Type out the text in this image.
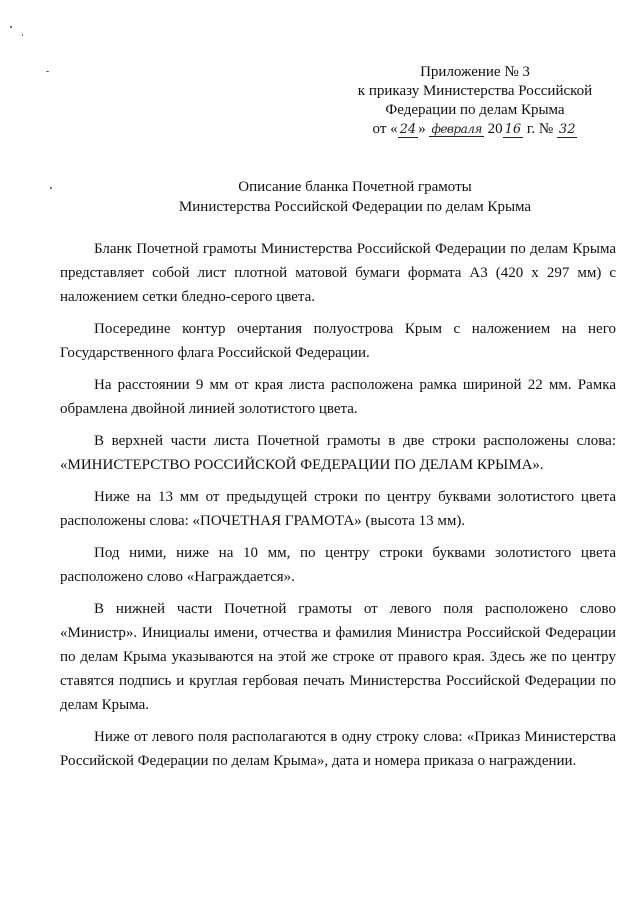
Приложение № 3
к приказу Министерства Российской
Федерации по делам Крыма
от « 24 » февраля 20 16 г. № 32
Описание бланка Почетной грамоты
Министерства Российской Федерации по делам Крыма

Бланк Почетной грамоты Министерства Российской Федерации по делам Крыма представляет собой лист плотной матовой бумаги формата А3 (420 х 297 мм) с наложением сетки бледно-серого цвета.

Посередине контур очертания полуострова Крым с наложением на него Государственного флага Российской Федерации.

На расстоянии 9 мм от края листа расположена рамка шириной 22 мм. Рамка обрамлена двойной линией золотистого цвета.

В верхней части листа Почетной грамоты в две строки расположены слова: «МИНИСТЕРСТВО РОССИЙСКОЙ ФЕДЕРАЦИИ ПО ДЕЛАМ КРЫМА».

Ниже на 13 мм от предыдущей строки по центру буквами золотистого цвета расположены слова: «ПОЧЕТНАЯ ГРАМОТА» (высота 13 мм).

Под ними, ниже на 10 мм, по центру строки буквами золотистого цвета расположено слово «Награждается».

В нижней части Почетной грамоты от левого поля расположено слово «Министр». Инициалы имени, отчества и фамилия Министра Российской Федерации по делам Крыма указываются на этой же строке от правого края. Здесь же по центру ставятся подпись и круглая гербовая печать Министерства Российской Федерации по делам Крыма.

Ниже от левого поля располагаются в одну строку слова: «Приказ Министерства Российской Федерации по делам Крыма», дата и номера приказа о награждении.
